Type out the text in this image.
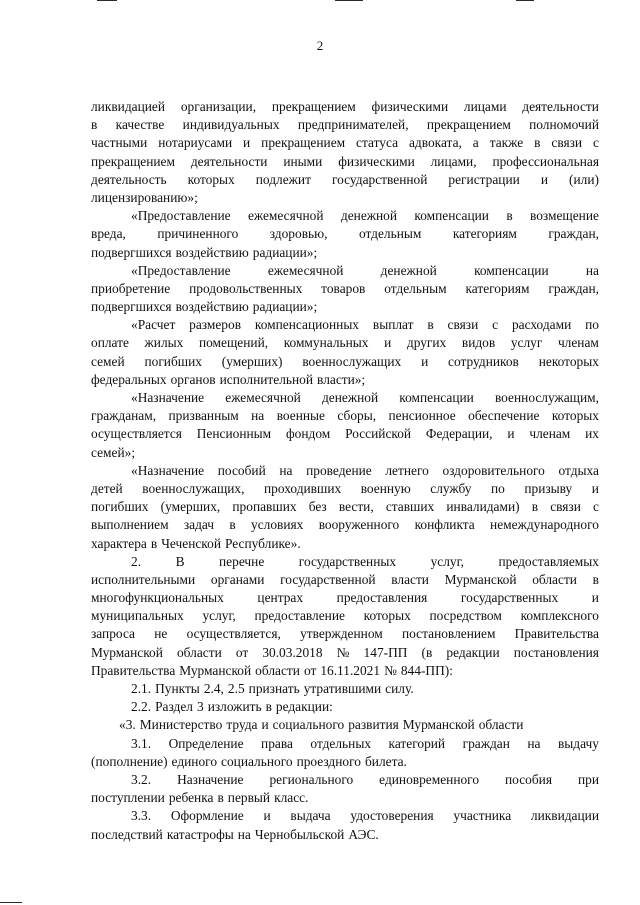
2
ликвидацией организации, прекращением физическими лицами деятельности
в качестве индивидуальных предпринимателей, прекращением полномочий
частными нотариусами и прекращением статуса адвоката, а также в связи с
прекращением деятельности иными физическими лицами, профессиональная
деятельность которых подлежит государственной регистрации и (или)
лицензированию»;
«Предоставление ежемесячной денежной компенсации в возмещение
вреда, причиненного здоровью, отдельным категориям граждан,
подвергшихся воздействию радиации»;
«Предоставление	ежемесячной	денежной	компенсации	на
приобретение продовольственных товаров отдельным категориям граждан,
подвергшихся воздействию радиации»;
«Расчет размеров компенсационных выплат в связи с расходами по
оплате жилых помещений, коммунальных и других видов услуг членам
семей погибших (умерших) военнослужащих и сотрудников некоторых
федеральных органов исполнительной власти»;
«Назначение ежемесячной денежной компенсации военнослужащим,
гражданам, призванным на военные сборы, пенсионное обеспечение которых
осуществляется Пенсионным фондом Российской Федерации, и членам их
семей»;
«Назначение пособий на проведение летнего оздоровительного отдыха
детей военнослужащих, проходивших военную службу по призыву и
погибших (умерших, пропавших без вести, ставших инвалидами) в связи с
выполнением задач в условиях вооруженного конфликта немеждународного
характера в Чеченской Республике».
2.	В	перечне	государственных	услуг,	предоставляемых
исполнительными органами государственной власти Мурманской области в
многофункциональных	центрах	предоставления	государственных	и
муниципальных услуг, предоставление которых посредством комплексного
запроса не осуществляется, утвержденном постановлением Правительства
Мурманской области от 30.03.2018 № 147-ПП (в редакции постановления
Правительства Мурманской области от 16.11.2021 № 844-ПП):
2.1. Пункты 2.4, 2.5 признать утратившими силу.
2.2. Раздел 3 изложить в редакции:
«3. Министерство труда и социального развития Мурманской области
3.1. Определение права отдельных категорий граждан на выдачу
(пополнение) единого социального проездного билета.
3.2. Назначение регионального единовременного пособия при
поступлении ребенка в первый класс.
3.3. Оформление и выдача удостоверения участника ликвидации
последствий катастрофы на Чернобыльской АЭС.
